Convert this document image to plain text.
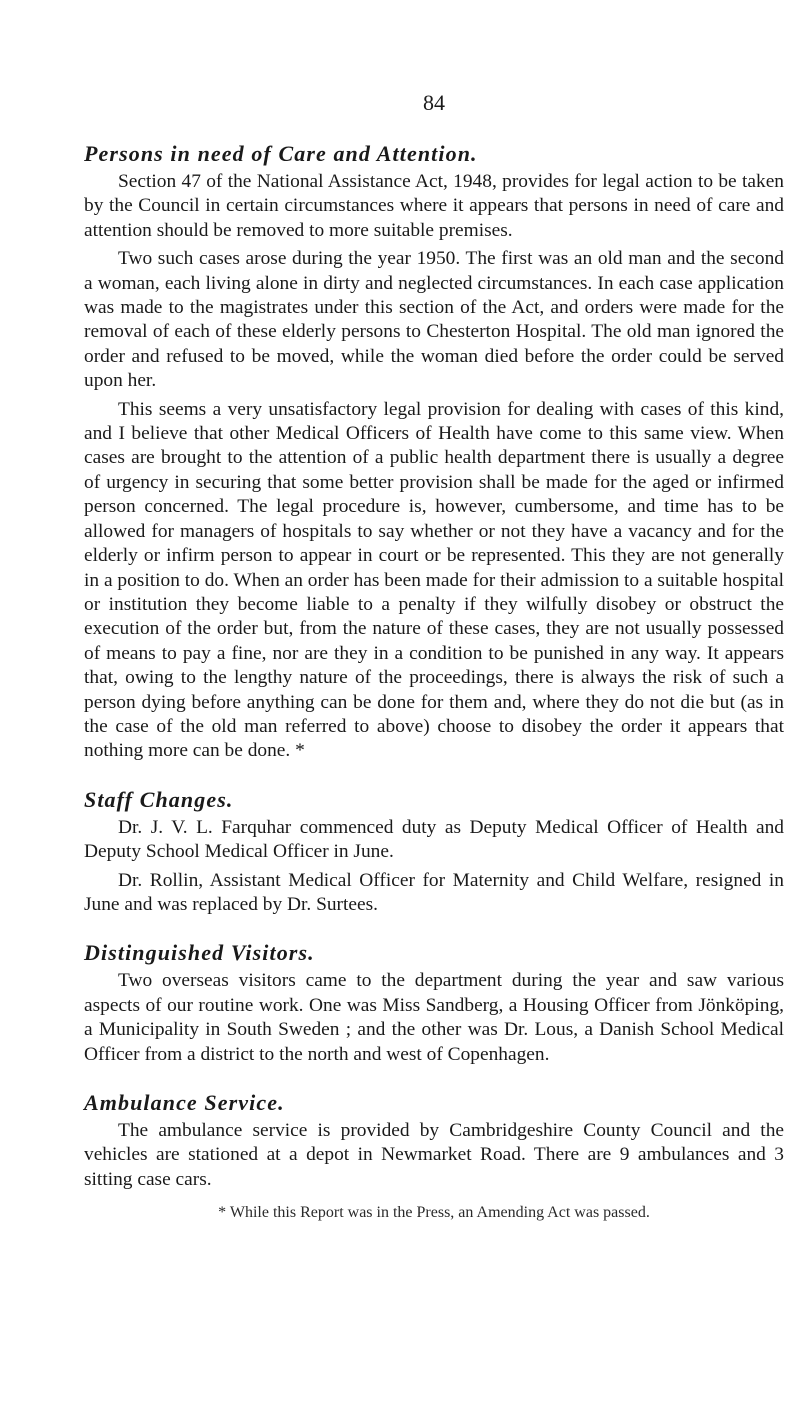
84
Persons in need of Care and Attention.

Section 47 of the National Assistance Act, 1948, provides for legal action to be taken by the Council in certain circumstances where it appears that persons in need of care and attention should be removed to more suitable premises.

Two such cases arose during the year 1950. The first was an old man and the second a woman, each living alone in dirty and neglected circumstances. In each case application was made to the magistrates under this section of the Act, and orders were made for the removal of each of these elderly persons to Chesterton Hospital. The old man ignored the order and refused to be moved, while the woman died before the order could be served upon her.

This seems a very unsatisfactory legal provision for dealing with cases of this kind, and I believe that other Medical Officers of Health have come to this same view. When cases are brought to the attention of a public health department there is usually a degree of urgency in securing that some better provision shall be made for the aged or infirmed person concerned. The legal procedure is, however, cumbersome, and time has to be allowed for managers of hospitals to say whether or not they have a vacancy and for the elderly or infirm person to appear in court or be represented. This they are not generally in a position to do. When an order has been made for their admission to a suitable hospital or institution they become liable to a penalty if they wilfully disobey or obstruct the execution of the order but, from the nature of these cases, they are not usually possessed of means to pay a fine, nor are they in a condition to be punished in any way. It appears that, owing to the lengthy nature of the proceedings, there is always the risk of such a person dying before anything can be done for them and, where they do not die but (as in the case of the old man referred to above) choose to disobey the order it appears that nothing more can be done. *

Staff Changes.

Dr. J. V. L. Farquhar commenced duty as Deputy Medical Officer of Health and Deputy School Medical Officer in June.

Dr. Rollin, Assistant Medical Officer for Maternity and Child Welfare, resigned in June and was replaced by Dr. Surtees.

Distinguished Visitors.

Two overseas visitors came to the department during the year and saw various aspects of our routine work. One was Miss Sandberg, a Housing Officer from Jönköping, a Municipality in South Sweden ; and the other was Dr. Lous, a Danish School Medical Officer from a district to the north and west of Copenhagen.

Ambulance Service.

The ambulance service is provided by Cambridgeshire County Council and the vehicles are stationed at a depot in Newmarket Road. There are 9 ambulances and 3 sitting case cars.

* While this Report was in the Press, an Amending Act was passed.
